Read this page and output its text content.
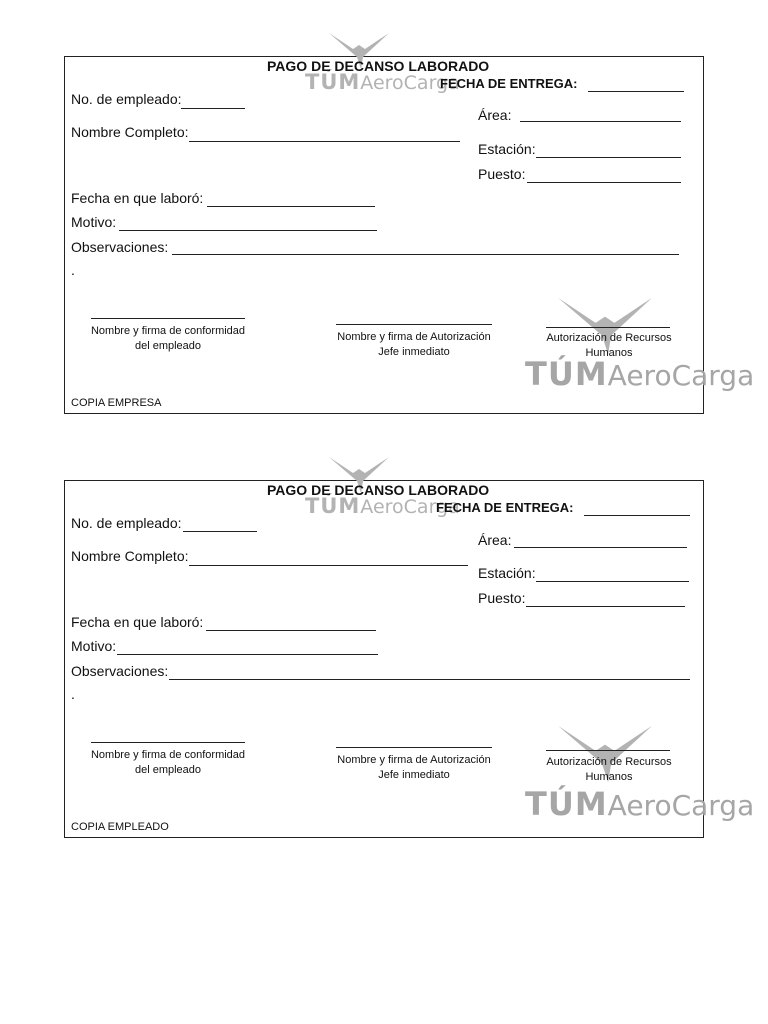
TÚMAeroCarga
PAGO DE DECANSO LABORADO
FECHA DE ENTREGA:
No. de empleado:
Área:
Nombre Completo:
Estación:
Puesto:
Fecha en que laboró:
Motivo:
Observaciones:
.
Nombre y firma de conformidad del empleado
Nombre y firma de Autorización Jefe inmediato
Autorización de Recursos Humanos
TÚMAeroCarga
COPIA EMPRESA
TÚMAeroCarga
PAGO DE DECANSO LABORADO
FECHA DE ENTREGA:
No. de empleado:
Área:
Nombre Completo:
Estación:
Puesto:
Fecha en que laboró:
Motivo:
Observaciones:
.
Nombre y firma de conformidad del empleado
Nombre y firma de Autorización Jefe inmediato
Autorización de Recursos Humanos
TÚMAeroCarga
COPIA EMPLEADO
